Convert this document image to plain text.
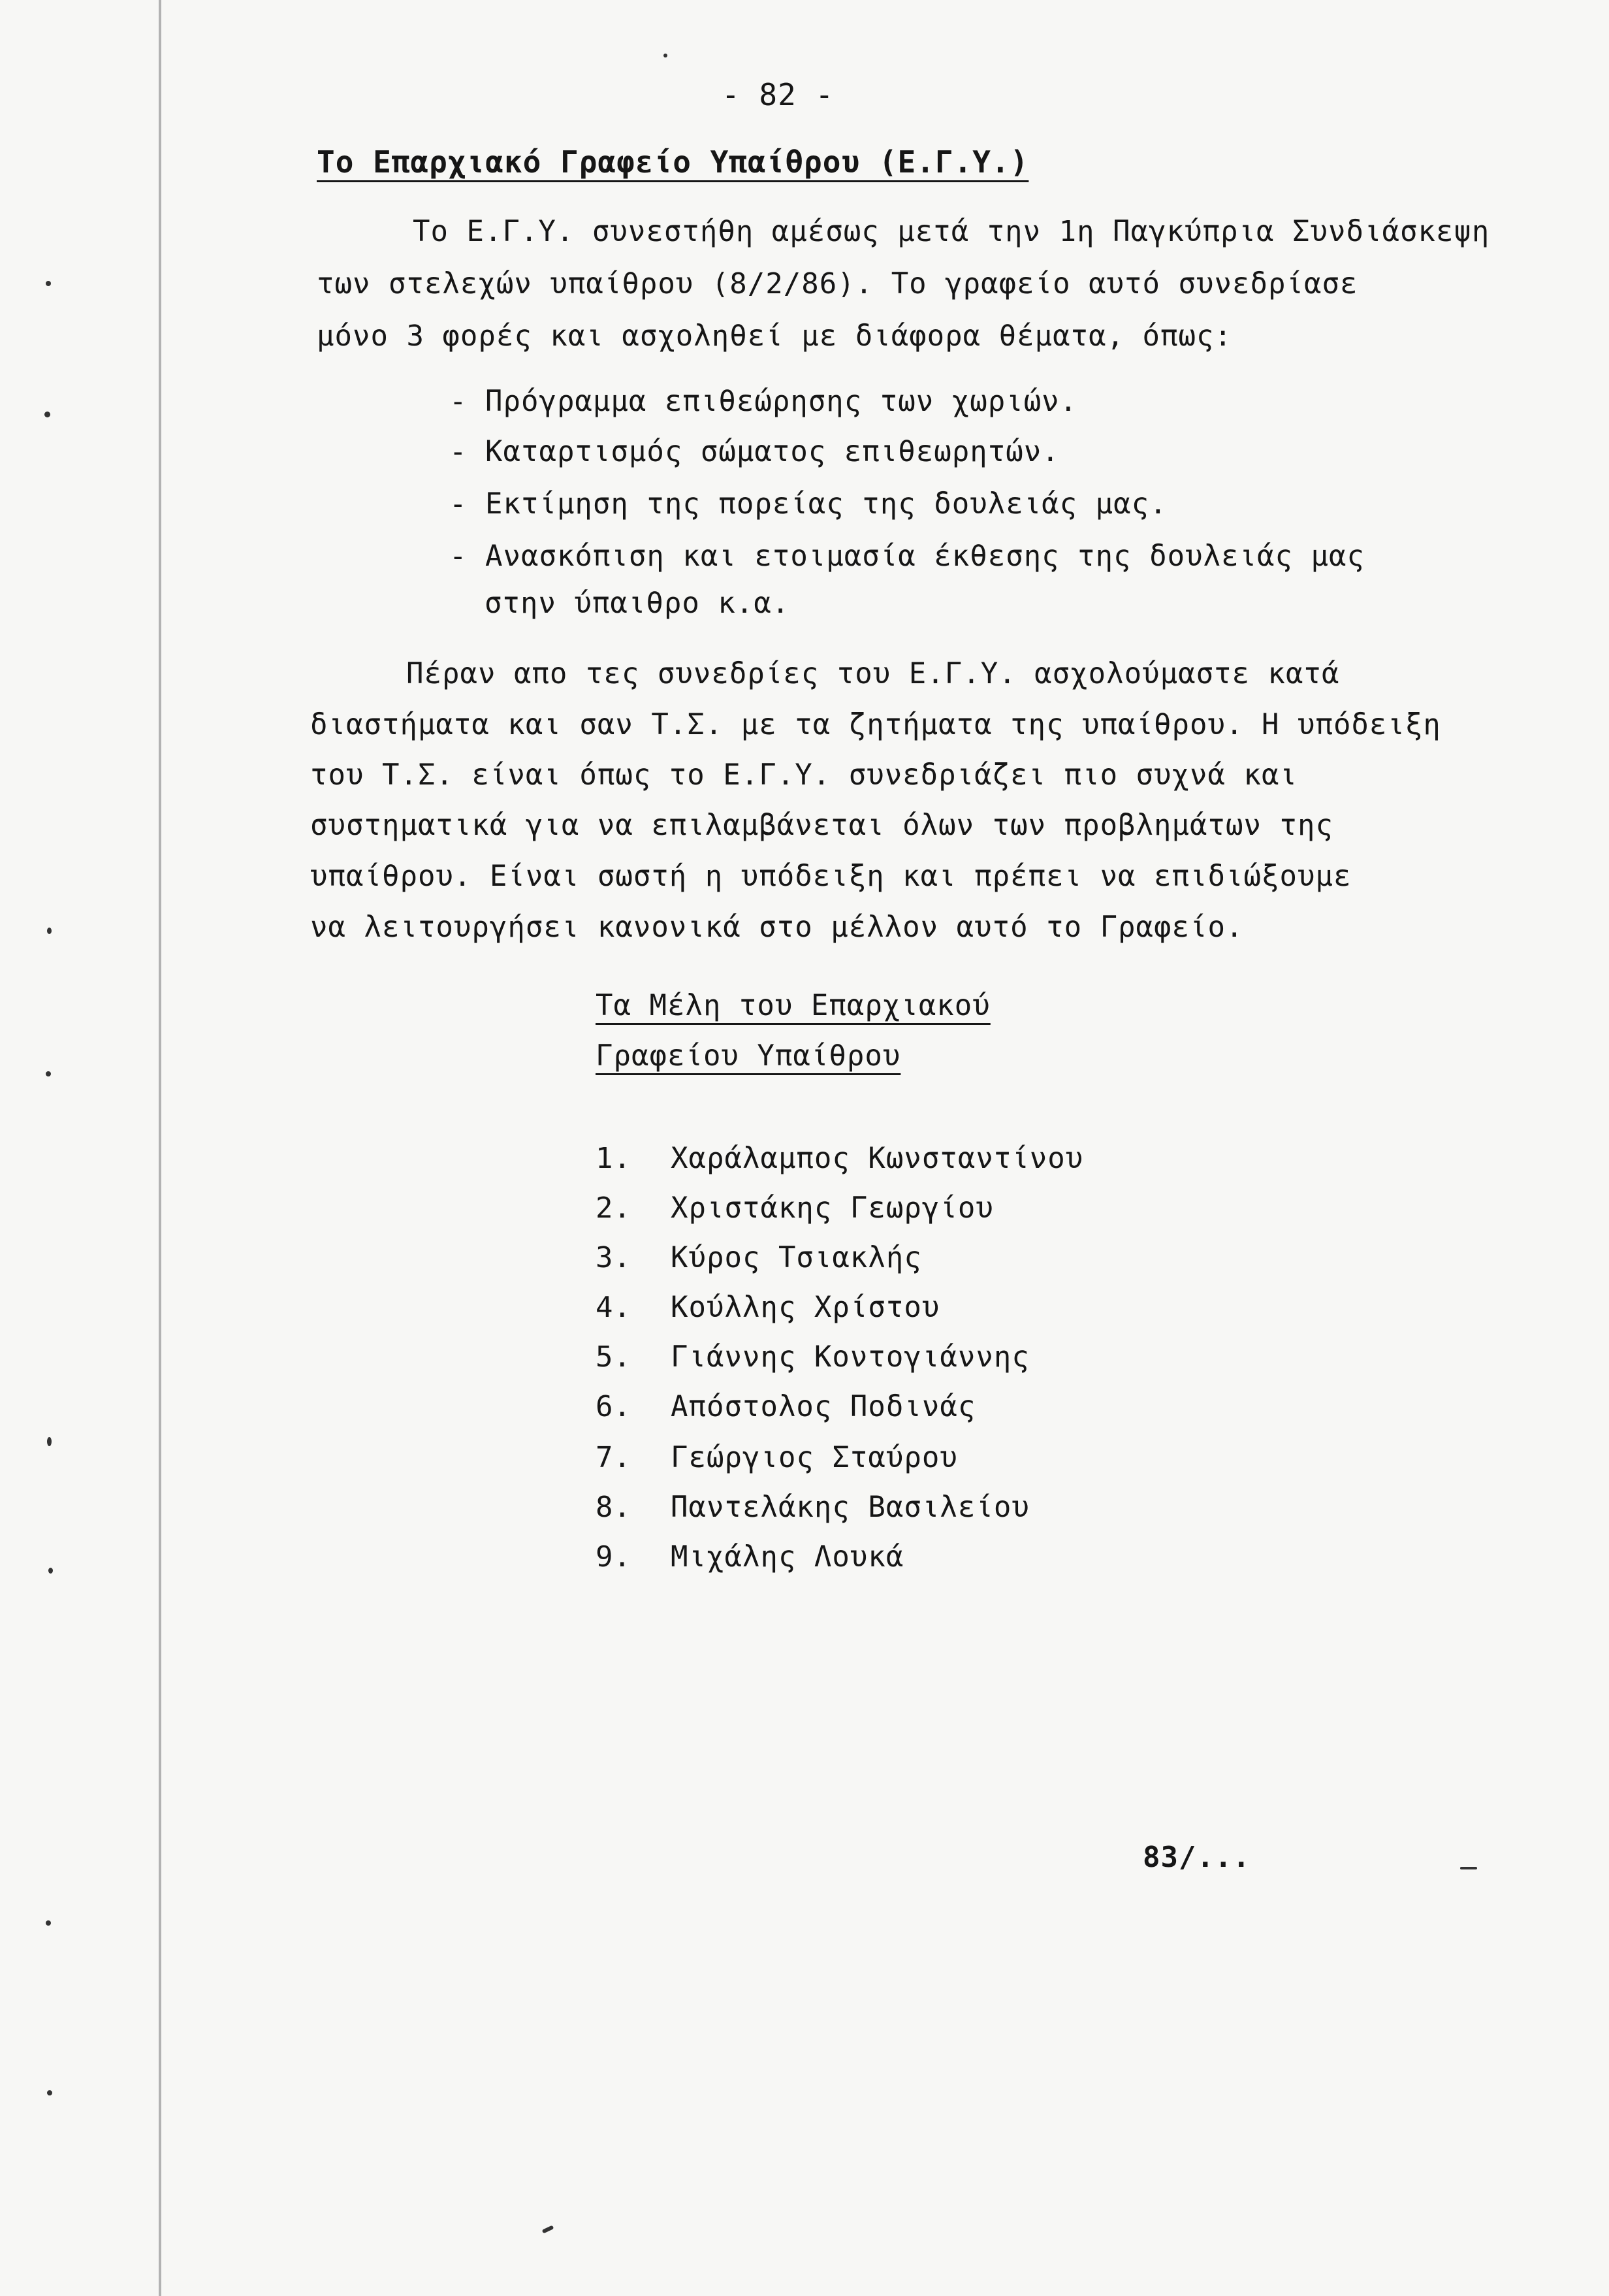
- 82 -
Το Επαρχιακό Γραφείο Υπαίθρου (Ε.Γ.Υ.)
Το Ε.Γ.Υ. συνεστήθη αμέσως μετά την 1η Παγκύπρια Συνδιάσκεψη
των στελεχών υπαίθρου (8/2/86). Το γραφείο αυτό συνεδρίασε
μόνο 3 φορές και ασχοληθεί με διάφορα θέματα, όπως:
- Πρόγραμμα επιθεώρησης των χωριών.
- Καταρτισμός σώματος επιθεωρητών.
- Εκτίμηση της πορείας της δουλειάς μας.
- Ανασκόπιση και ετοιμασία έκθεσης της δουλειάς μας
στην ύπαιθρο κ.α.
Πέραν απο τες συνεδρίες του Ε.Γ.Υ. ασχολούμαστε κατά
διαστήματα και σαν Τ.Σ. με τα ζητήματα της υπαίθρου. Η υπόδειξη
του Τ.Σ. είναι όπως το Ε.Γ.Υ. συνεδριάζει πιο συχνά και
συστηματικά για να επιλαμβάνεται όλων των προβλημάτων της
υπαίθρου. Είναι σωστή η υπόδειξη και πρέπει να επιδιώξουμε
να λειτουργήσει κανονικά στο μέλλον αυτό το Γραφείο.
Τα Μέλη του Επαρχιακού
Γραφείου Υπαίθρου
1. Χαράλαμπος Κωνσταντίνου
2. Χριστάκης Γεωργίου
3. Κύρος Τσιακλής
4. Κούλλης Χρίστου
5. Γιάννης Κοντογιάννης
6. Απόστολος Ποδινάς
7. Γεώργιος Σταύρου
8. Παντελάκης Βασιλείου
9. Μιχάλης Λουκά
83/...
